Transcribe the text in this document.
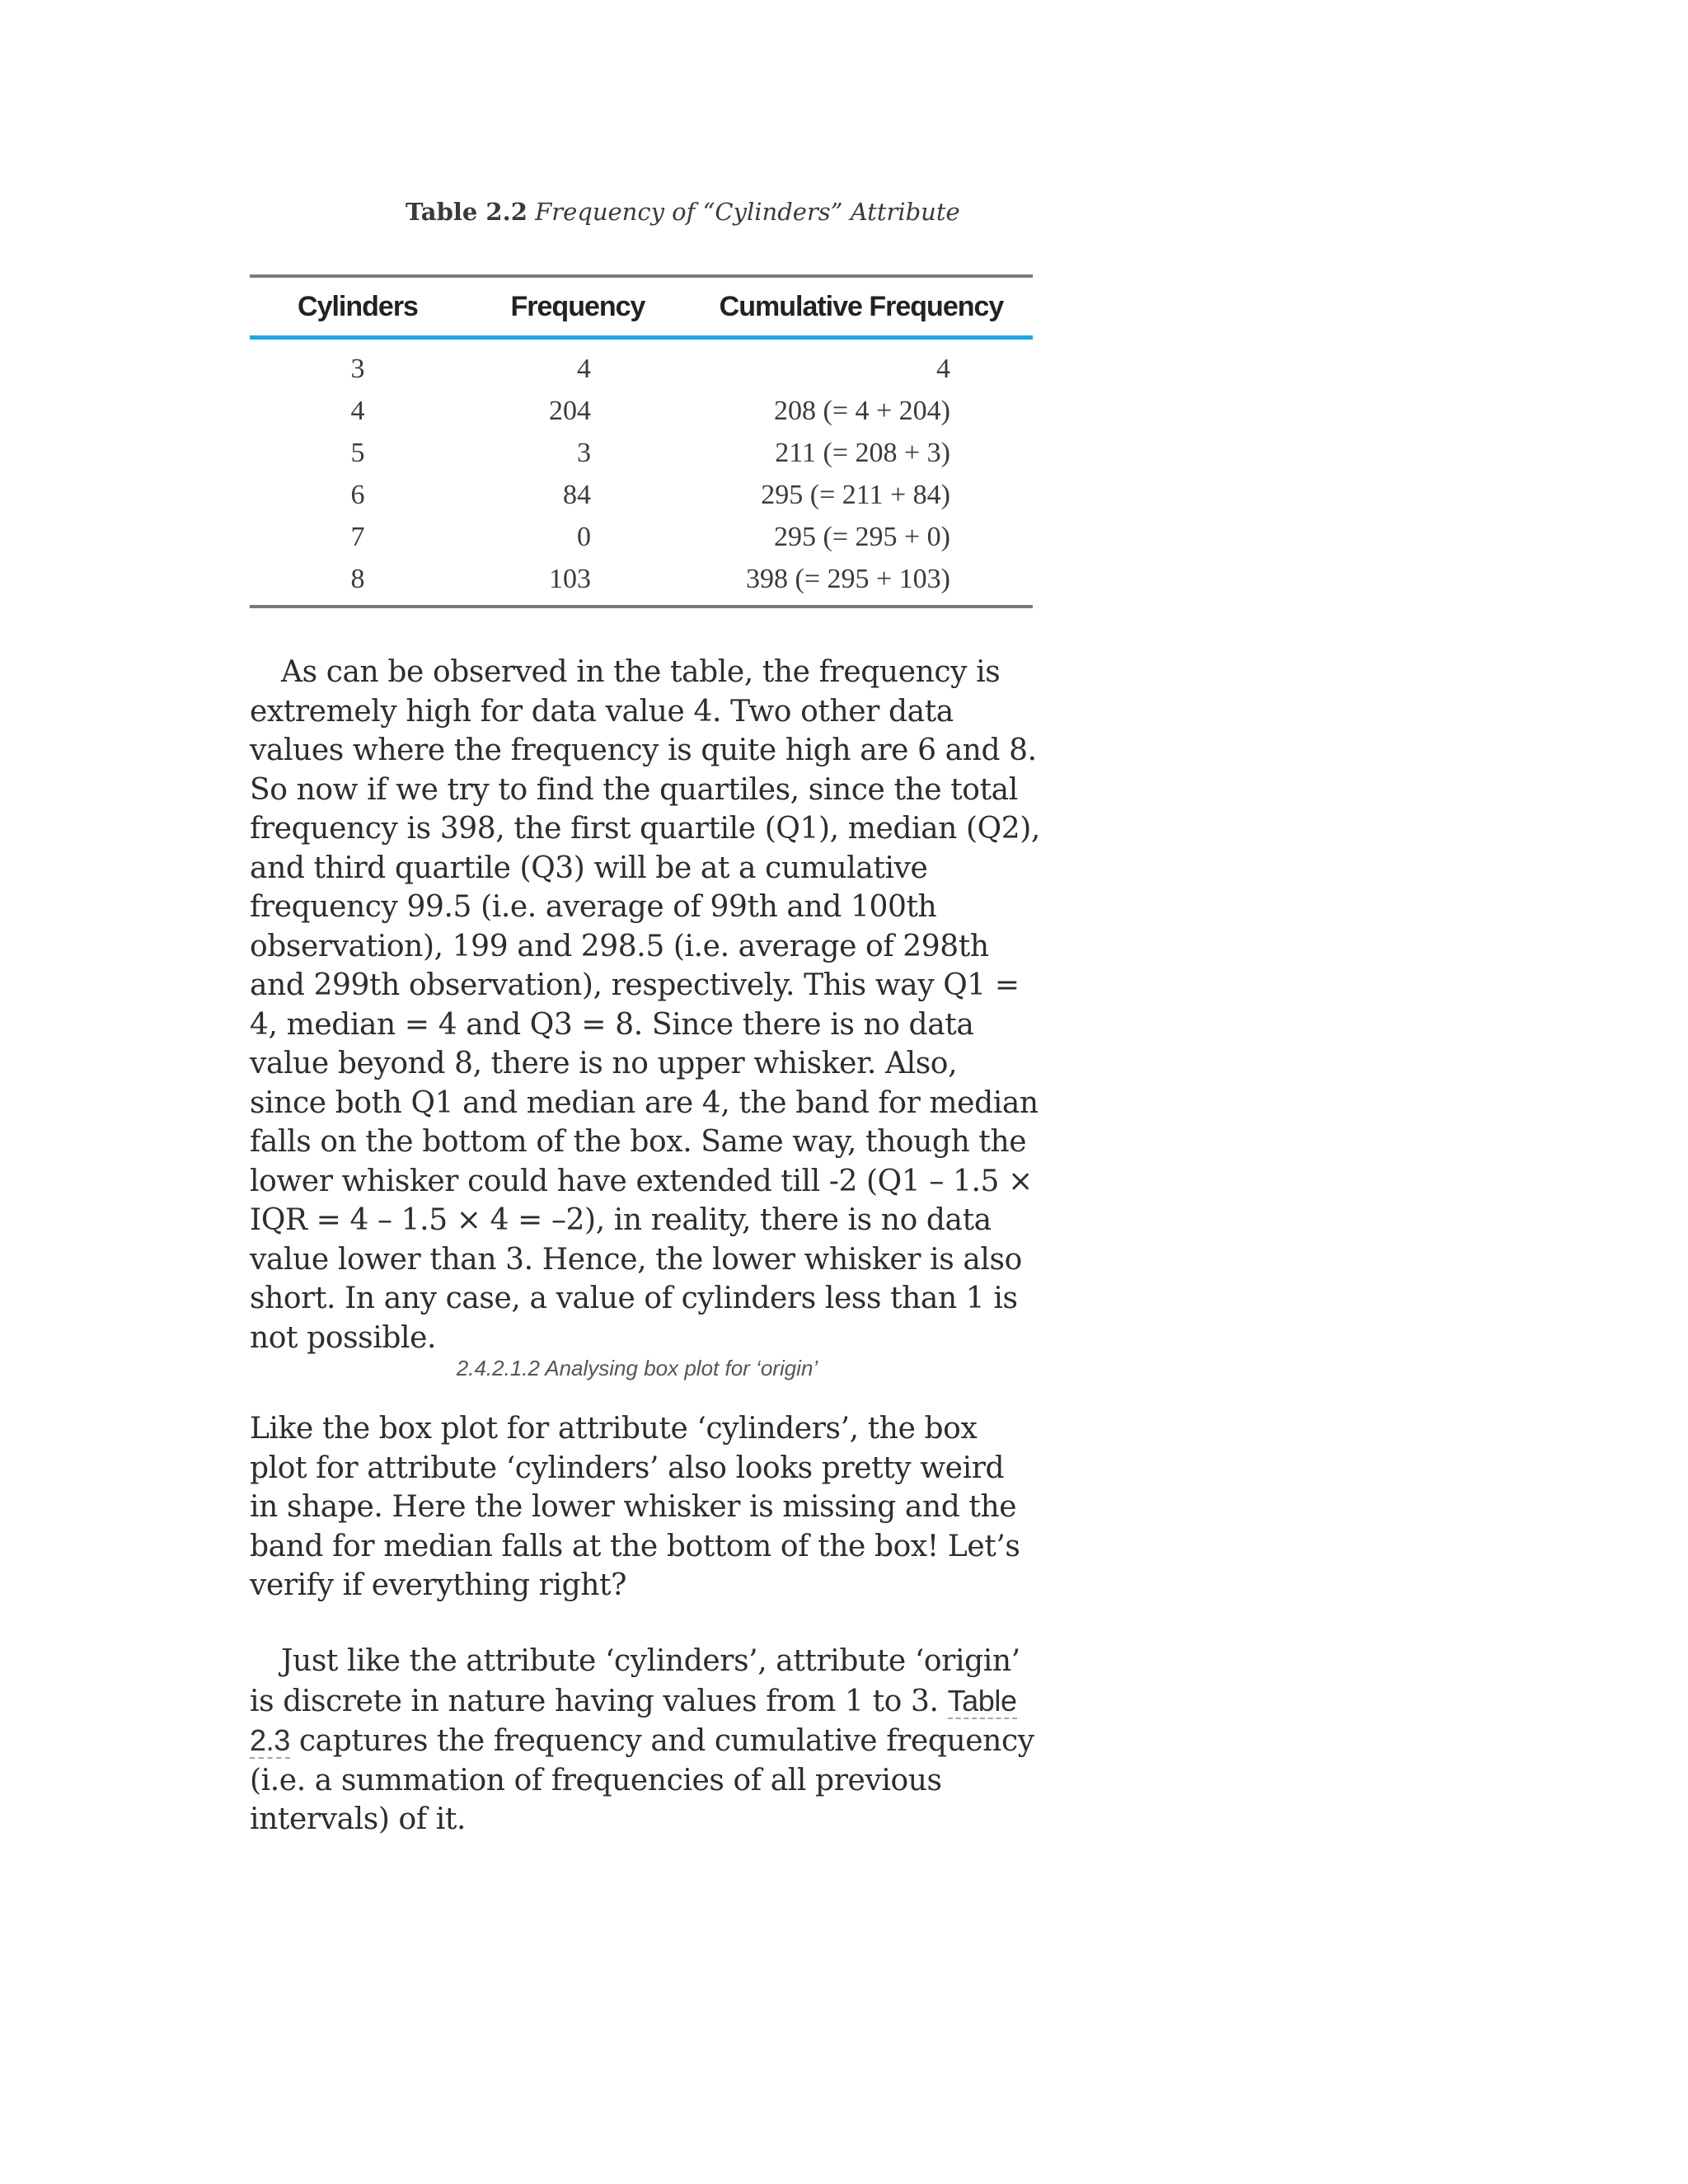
Table 2.2 Frequency of “Cylinders” Attribute
Cylinders	Frequency	Cumulative Frequency
3	4	4
4	204	208 (= 4 + 204)
5	3	211 (= 208 + 3)
6	84	295 (= 211 + 84)
7	0	295 (= 295 + 0)
8	103	398 (= 295 + 103)

As can be observed in the table, the frequency is extremely high for data value 4. Two other data values where the frequency is quite high are 6 and 8. So now if we try to find the quartiles, since the total frequency is 398, the first quartile (Q1), median (Q2), and third quartile (Q3) will be at a cumulative frequency 99.5 (i.e. average of 99th and 100th observation), 199 and 298.5 (i.e. average of 298th and 299th observation), respectively. This way Q1 = 4, median = 4 and Q3 = 8. Since there is no data value beyond 8, there is no upper whisker. Also, since both Q1 and median are 4, the band for median falls on the bottom of the box. Same way, though the lower whisker could have extended till -2 (Q1 – 1.5 × IQR = 4 – 1.5 × 4 = –2), in reality, there is no data value lower than 3. Hence, the lower whisker is also short. In any case, a value of cylinders less than 1 is not possible.

2.4.2.1.2 Analysing box plot for ‘origin’

Like the box plot for attribute ‘cylinders’, the box plot for attribute ‘cylinders’ also looks pretty weird in shape. Here the lower whisker is missing and the band for median falls at the bottom of the box! Let’s verify if everything right?

Just like the attribute ‘cylinders’, attribute ‘origin’ is discrete in nature having values from 1 to 3. Table 2.3 captures the frequency and cumulative frequency (i.e. a summation of frequencies of all previous intervals) of it.
